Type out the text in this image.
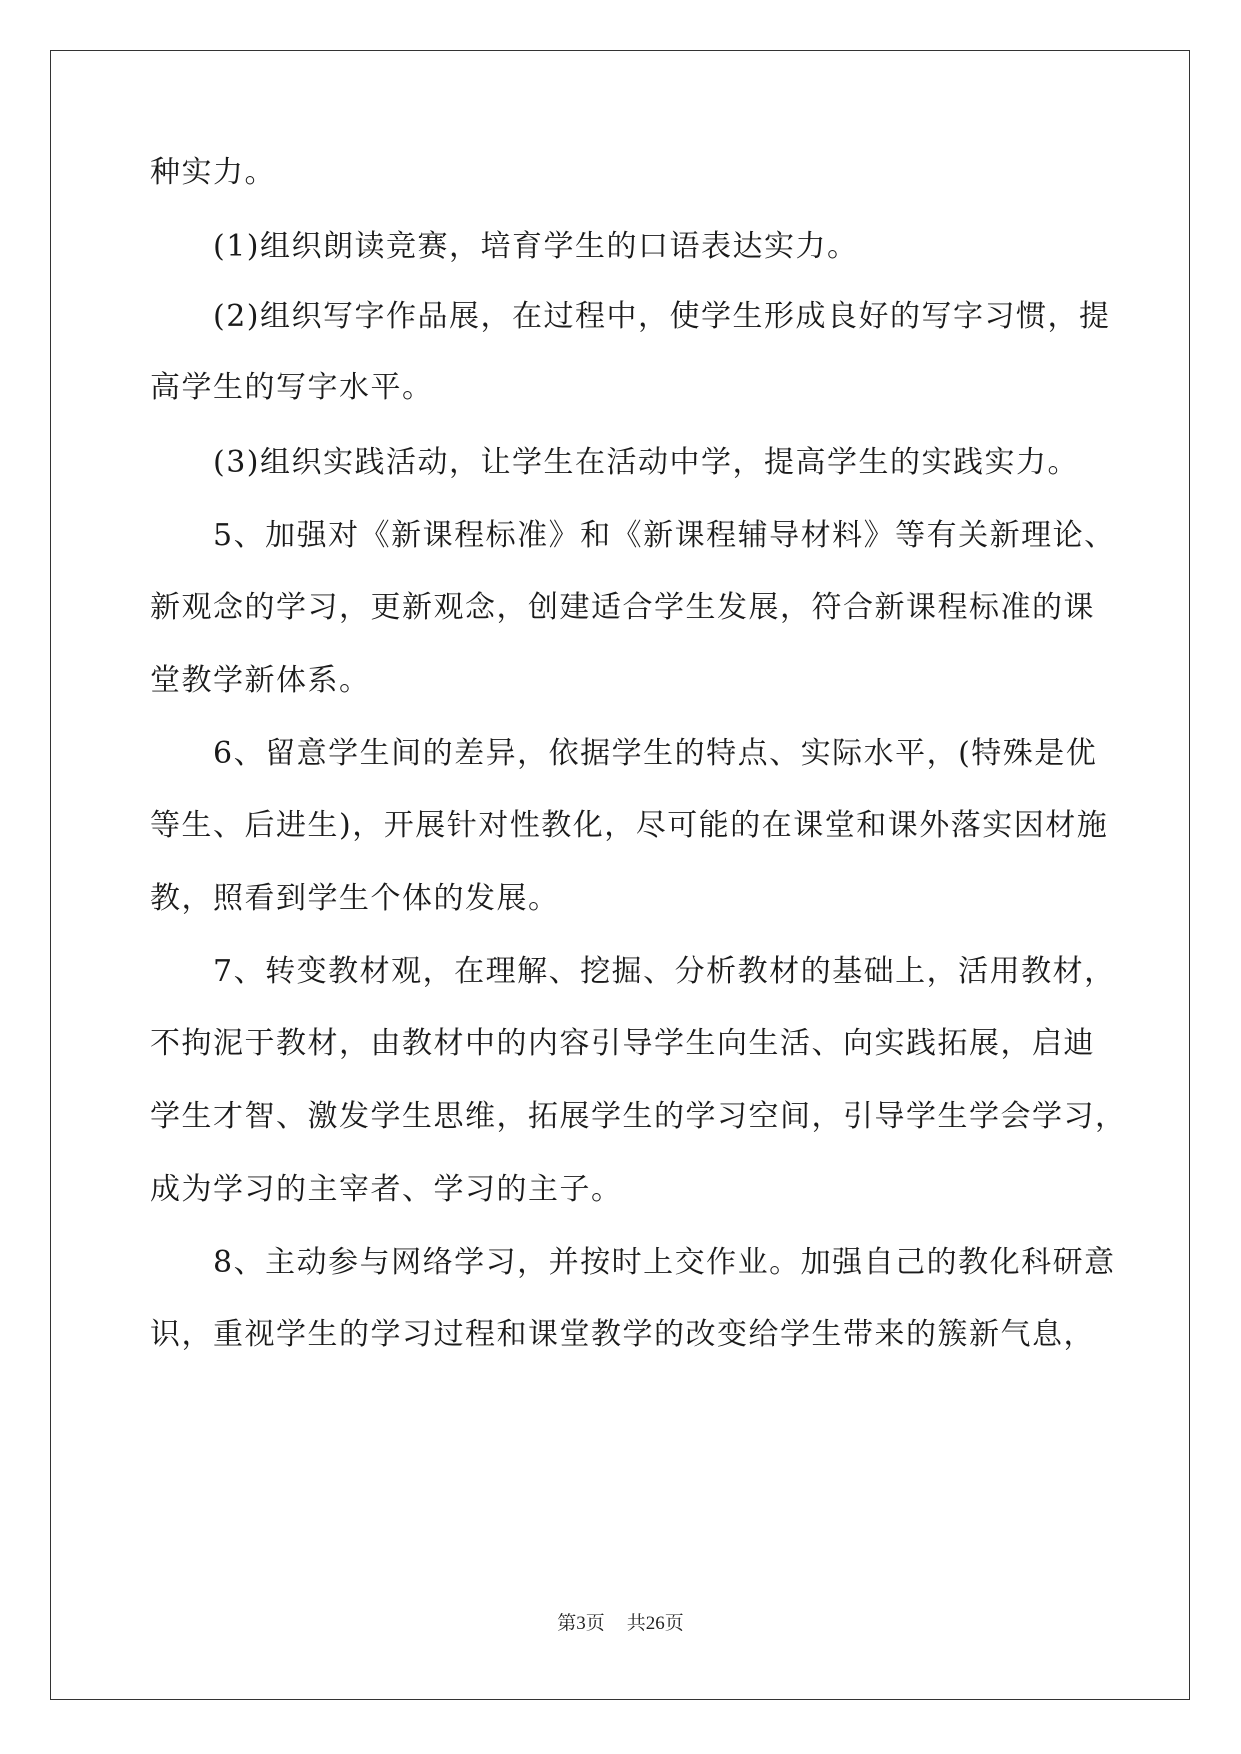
种实力。
(1)组织朗读竞赛，培育学生的口语表达实力。
(2)组织写字作品展，在过程中，使学生形成良好的写字习惯，提
高学生的写字水平。
(3)组织实践活动，让学生在活动中学，提高学生的实践实力。
5、加强对《新课程标准》和《新课程辅导材料》等有关新理论、
新观念的学习，更新观念，创建适合学生发展，符合新课程标准的课
堂教学新体系。
6、留意学生间的差异，依据学生的特点、实际水平，(特殊是优
等生、后进生)，开展针对性教化，尽可能的在课堂和课外落实因材施
教，照看到学生个体的发展。
7、转变教材观，在理解、挖掘、分析教材的基础上，活用教材，
不拘泥于教材，由教材中的内容引导学生向生活、向实践拓展，启迪
学生才智、激发学生思维，拓展学生的学习空间，引导学生学会学习，
成为学习的主宰者、学习的主子。
8、主动参与网络学习，并按时上交作业。加强自己的教化科研意
识，重视学生的学习过程和课堂教学的改变给学生带来的簇新气息，
第3页 共26页
